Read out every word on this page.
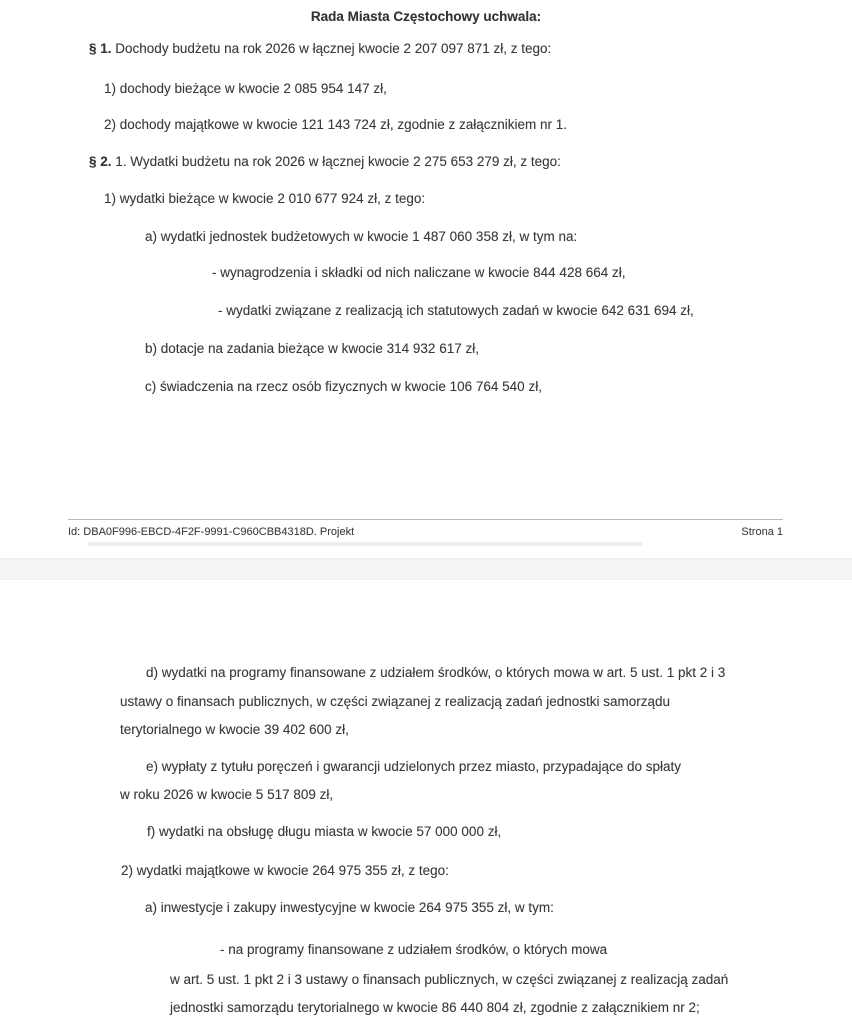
Rada Miasta Częstochowy uchwala:
§ 1. Dochody budżetu na rok 2026 w łącznej kwocie 2 207 097 871 zł, z tego:
1) dochody bieżące w kwocie 2 085 954 147 zł,
2) dochody majątkowe w kwocie 121 143 724 zł, zgodnie z załącznikiem nr 1.
§ 2. 1. Wydatki budżetu na rok 2026 w łącznej kwocie 2 275 653 279 zł, z tego:
1) wydatki bieżące w kwocie 2 010 677 924 zł, z tego:
a) wydatki jednostek budżetowych w kwocie 1 487 060 358 zł, w tym na:
- wynagrodzenia i składki od nich naliczane w kwocie 844 428 664 zł,
- wydatki związane z realizacją ich statutowych zadań w kwocie 642 631 694 zł,
b) dotacje na zadania bieżące w kwocie 314 932 617 zł,
c) świadczenia na rzecz osób fizycznych w kwocie 106 764 540 zł,
Id: DBA0F996-EBCD-4F2F-9991-C960CBB4318D. Projekt	Strona 1
d) wydatki na programy finansowane z udziałem środków, o których mowa w art. 5 ust. 1 pkt 2 i 3
ustawy o finansach publicznych, w części związanej z realizacją zadań jednostki samorządu
terytorialnego w kwocie 39 402 600 zł,
e) wypłaty z tytułu poręczeń i gwarancji udzielonych przez miasto, przypadające do spłaty
w roku 2026 w kwocie 5 517 809 zł,
f) wydatki na obsługę długu miasta w kwocie 57 000 000 zł,
2) wydatki majątkowe w kwocie 264 975 355 zł, z tego:
a) inwestycje i zakupy inwestycyjne w kwocie 264 975 355 zł, w tym:
- na programy finansowane z udziałem środków, o których mowa
w art. 5 ust. 1 pkt 2 i 3 ustawy o finansach publicznych, w części związanej z realizacją zadań
jednostki samorządu terytorialnego w kwocie 86 440 804 zł, zgodnie z załącznikiem nr 2;
